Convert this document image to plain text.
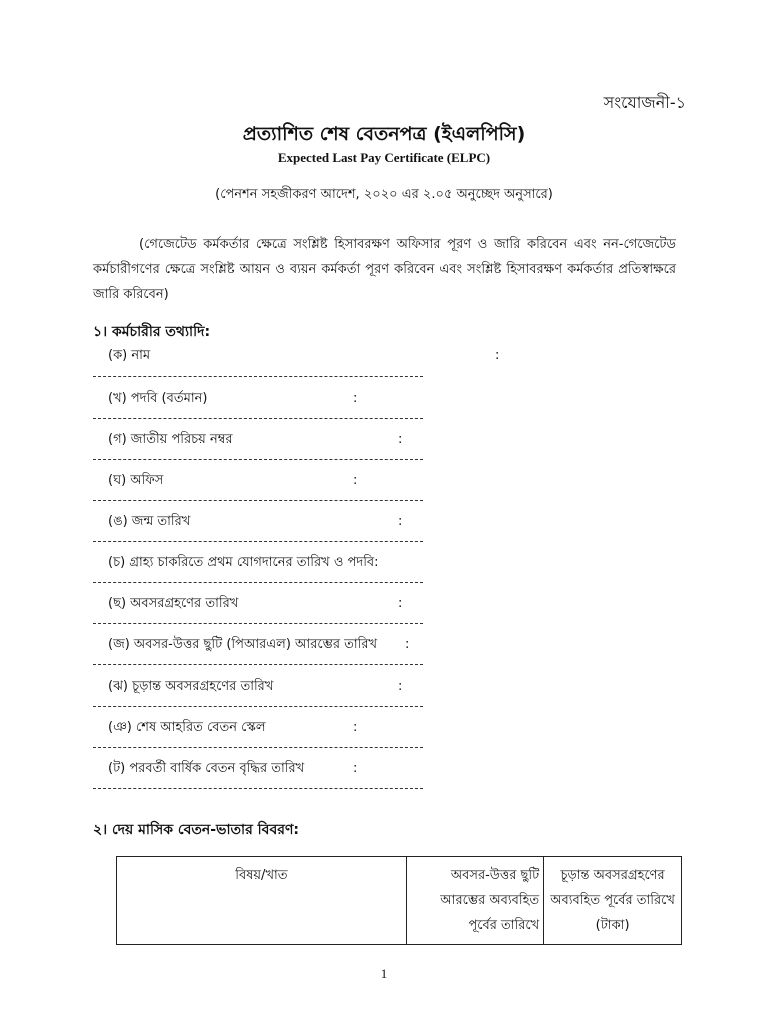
সংযোজনী-১
প্রত্যাশিত শেষ বেতনপত্র (ইএলপিসি)
Expected Last Pay Certificate (ELPC)
(পেনশন সহজীকরণ আদেশ, ২০২০ এর ২.০৫ অনুচ্ছেদ অনুসারে)
(গেজেটেড কর্মকর্তার ক্ষেত্রে সংশ্লিষ্ট হিসাবরক্ষণ অফিসার পূরণ ও জারি করিবেন এবং নন-গেজেটেড কর্মচারীগণের ক্ষেত্রে সংশ্লিষ্ট আয়ন ও ব্যয়ন কর্মকর্তা পূরণ করিবেন এবং সংশ্লিষ্ট হিসাবরক্ষণ কর্মকর্তার প্রতিস্বাক্ষরে জারি করিবেন)
১। কর্মচারীর তথ্যাদি:
(ক) নাম	:
(খ) পদবি (বর্তমান)	:
(গ) জাতীয় পরিচয় নম্বর	:
(ঘ) অফিস	:
(ঙ) জন্ম তারিখ	:
(চ) গ্রাহ্য চাকরিতে প্রথম যোগদানের তারিখ ও পদবি:
(ছ) অবসরগ্রহণের তারিখ	:
(জ) অবসর-উত্তর ছুটি (পিআরএল) আরম্ভের তারিখ :
(ঝ) চূড়ান্ত অবসরগ্রহণের তারিখ	:
(ঞ) শেষ আহরিত বেতন স্কেল	:
(ট) পরবর্তী বার্ষিক বেতন বৃদ্ধির তারিখ	:
২। দেয় মাসিক বেতন-ভাতার বিবরণ:
বিষয়/খাত	অবসর-উত্তর ছুটি আরম্ভের অব্যবহিত পূর্বের তারিখে	চূড়ান্ত অবসরগ্রহণের অব্যবহিত পূর্বের তারিখে (টাকা)
1
